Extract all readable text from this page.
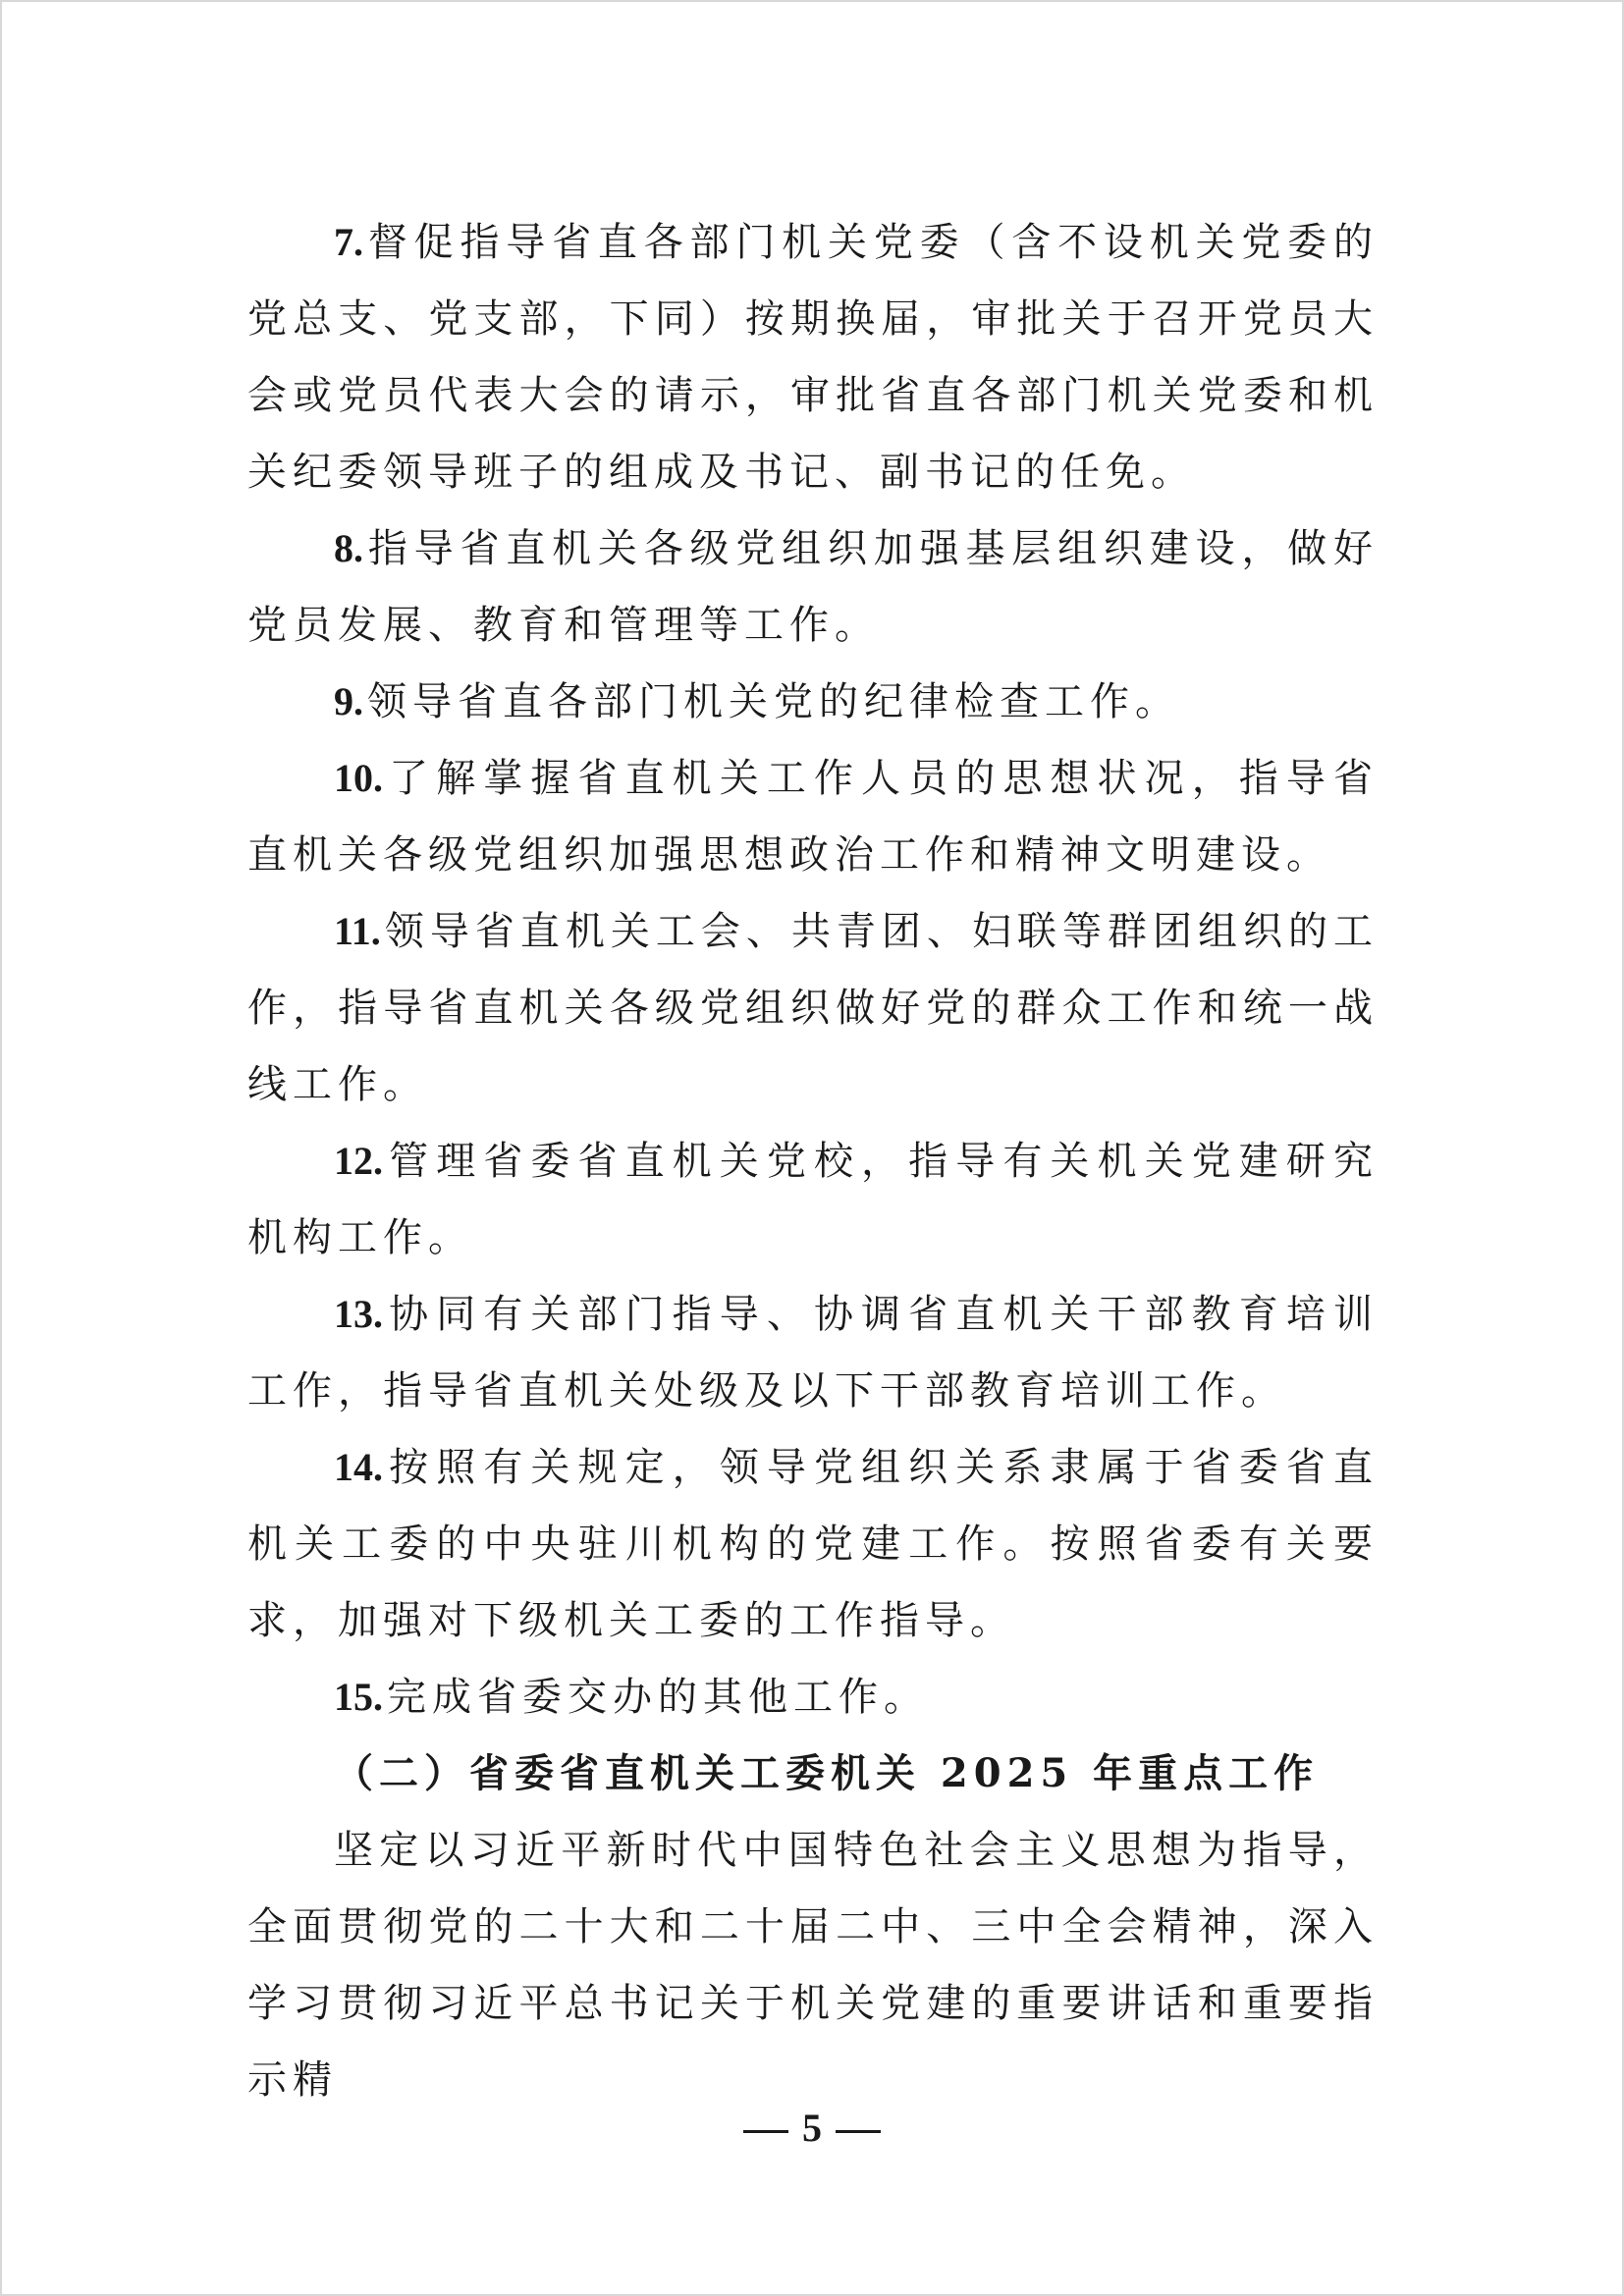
7. 督促指导省直各部门机关党委（含不设机关党委的党总支、党支部，下同）按期换届，审批关于召开党员大会或党员代表大会的请示，审批省直各部门机关党委和机关纪委领导班子的组成及书记、副书记的任免。

8. 指导省直机关各级党组织加强基层组织建设，做好党员发展、教育和管理等工作。

9. 领导省直各部门机关党的纪律检查工作。

10. 了解掌握省直机关工作人员的思想状况，指导省直机关各级党组织加强思想政治工作和精神文明建设。

11. 领导省直机关工会、共青团、妇联等群团组织的工作，指导省直机关各级党组织做好党的群众工作和统一战线工作。

12. 管理省委省直机关党校，指导有关机关党建研究机构工作。

13. 协同有关部门指导、协调省直机关干部教育培训工作，指导省直机关处级及以下干部教育培训工作。

14. 按照有关规定，领导党组织关系隶属于省委省直机关工委的中央驻川机构的党建工作。按照省委有关要求，加强对下级机关工委的工作指导。

15. 完成省委交办的其他工作。

（二）省委省直机关工委机关 2025 年重点工作

坚定以习近平新时代中国特色社会主义思想为指导，全面贯彻党的二十大和二十届二中、三中全会精神，深入学习贯彻习近平总书记关于机关党建的重要讲话和重要指示精

5
